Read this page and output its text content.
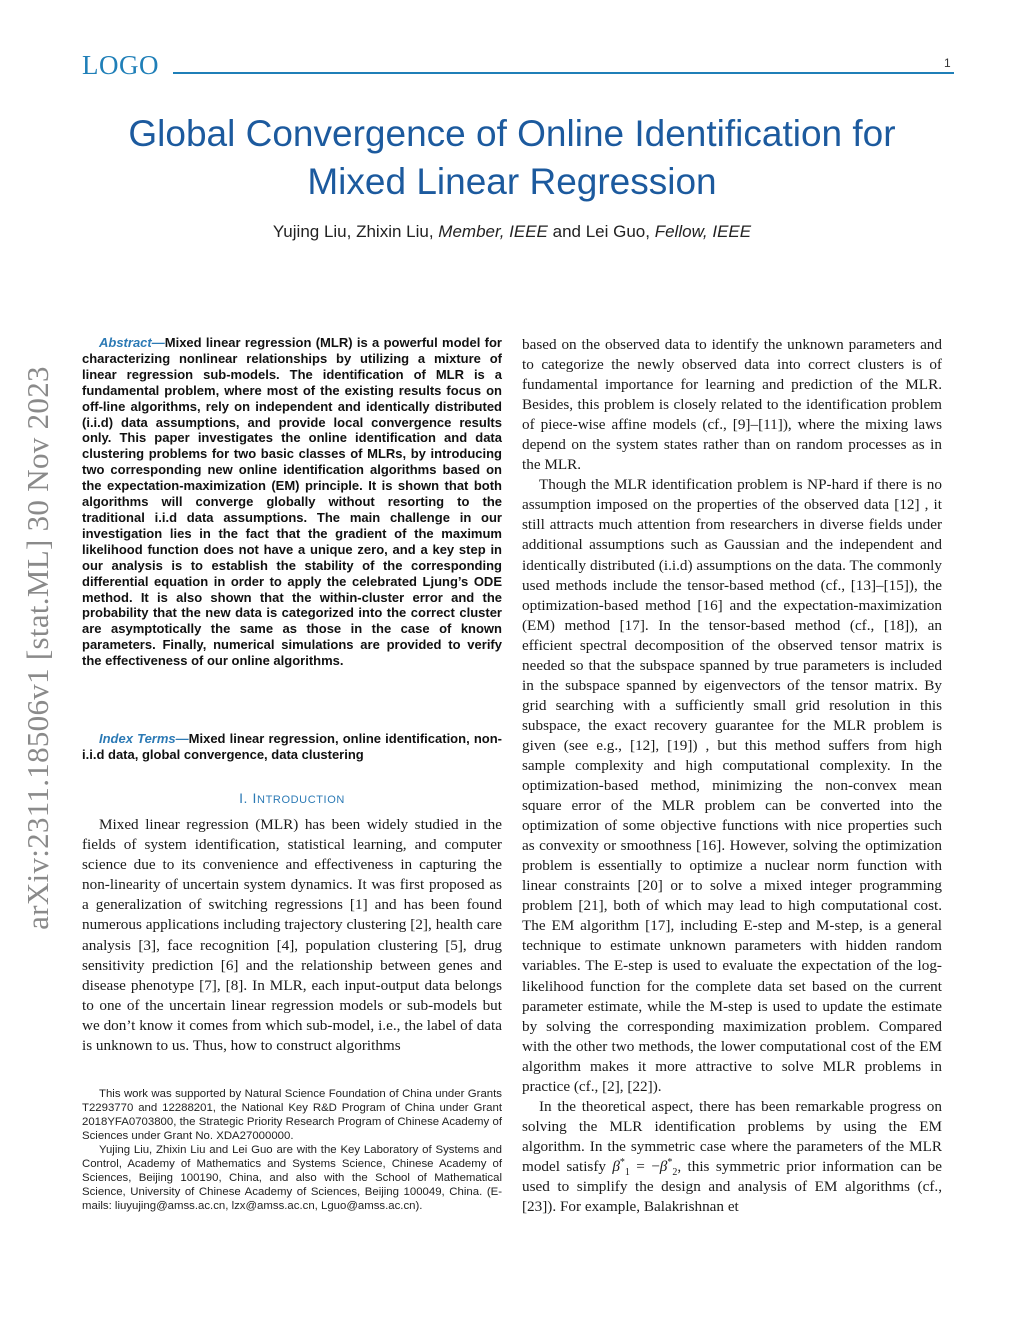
LOGO	1
Global Convergence of Online Identification for
Mixed Linear Regression
Yujing Liu, Zhixin Liu, Member, IEEE and Lei Guo, Fellow, IEEE
arXiv:2311.18506v1 [stat.ML] 30 Nov 2023
Abstract—Mixed linear regression (MLR) is a powerful model for characterizing nonlinear relationships by utilizing a mixture of linear regression sub-models. The identification of MLR is a fundamental problem, where most of the existing results focus on off-line algorithms, rely on independent and identically distributed (i.i.d) data assumptions, and provide local convergence results only. This paper investigates the online identification and data clustering problems for two basic classes of MLRs, by introducing two corresponding new online identification algorithms based on the expectation-maximization (EM) principle. It is shown that both algorithms will converge globally without resorting to the traditional i.i.d data assumptions. The main challenge in our investigation lies in the fact that the gradient of the maximum likelihood function does not have a unique zero, and a key step in our analysis is to establish the stability of the corresponding differential equation in order to apply the celebrated Ljung’s ODE method. It is also shown that the within-cluster error and the probability that the new data is categorized into the correct cluster are asymptotically the same as those in the case of known parameters. Finally, numerical simulations are provided to verify the effectiveness of our online algorithms.
Index Terms—Mixed linear regression, online identification, non-i.i.d data, global convergence, data clustering
I. INTRODUCTION
Mixed linear regression (MLR) has been widely studied in the fields of system identification, statistical learning, and computer science due to its convenience and effectiveness in capturing the non-linearity of uncertain system dynamics. It was first proposed as a generalization of switching regressions [1] and has been found numerous applications including trajectory clustering [2], health care analysis [3], face recognition [4], population clustering [5], drug sensitivity prediction [6] and the relationship between genes and disease phenotype [7], [8]. In MLR, each input-output data belongs to one of the uncertain linear regression models or sub-models but we don’t know it comes from which sub-model, i.e., the label of data is unknown to us. Thus, how to construct algorithms

This work was supported by Natural Science Foundation of China under Grants T2293770 and 12288201, the National Key R&D Program of China under Grant 2018YFA0703800, the Strategic Priority Research Program of Chinese Academy of Sciences under Grant No. XDA27000000.

Yujing Liu, Zhixin Liu and Lei Guo are with the Key Laboratory of Systems and Control, Academy of Mathematics and Systems Science, Chinese Academy of Sciences, Beijing 100190, China, and also with the School of Mathematical Science, University of Chinese Academy of Sciences, Beijing 100049, China. (E-mails: liuyujing@amss.ac.cn, lzx@amss.ac.cn, Lguo@amss.ac.cn).

based on the observed data to identify the unknown parameters and to categorize the newly observed data into correct clusters is of fundamental importance for learning and prediction of the MLR. Besides, this problem is closely related to the identification problem of piece-wise affine models (cf., [9]–[11]), where the mixing laws depend on the system states rather than on random processes as in the MLR.

Though the MLR identification problem is NP-hard if there is no assumption imposed on the properties of the observed data [12] , it still attracts much attention from researchers in diverse fields under additional assumptions such as Gaussian and the independent and identically distributed (i.i.d) assumptions on the data. The commonly used methods include the tensor-based method (cf., [13]–[15]), the optimization-based method [16] and the expectation-maximization (EM) method [17]. In the tensor-based method (cf., [18]), an efficient spectral decomposition of the observed tensor matrix is needed so that the subspace spanned by true parameters is included in the subspace spanned by eigenvectors of the tensor matrix. By grid searching with a sufficiently small grid resolution in this subspace, the exact recovery guarantee for the MLR problem is given (see e.g., [12], [19]) , but this method suffers from high sample complexity and high computational complexity. In the optimization-based method, minimizing the non-convex mean square error of the MLR problem can be converted into the optimization of some objective functions with nice properties such as convexity or smoothness [16]. However, solving the optimization problem is essentially to optimize a nuclear norm function with linear constraints [20] or to solve a mixed integer programming problem [21], both of which may lead to high computational cost. The EM algorithm [17], including E-step and M-step, is a general technique to estimate unknown parameters with hidden random variables. The E-step is used to evaluate the expectation of the log-likelihood function for the complete data set based on the current parameter estimate, while the M-step is used to update the estimate by solving the corresponding maximization problem. Compared with the other two methods, the lower computational cost of the EM algorithm makes it more attractive to solve MLR problems in practice (cf., [2], [22]).

In the theoretical aspect, there has been remarkable progress on solving the MLR identification problems by using the EM algorithm. In the symmetric case where the parameters of the MLR model satisfy $\beta^*_1 = -\beta^*_2$, this symmetric prior information can be used to simplify the design and analysis of EM algorithms (cf., [23]). For example, Balakrishnan et
